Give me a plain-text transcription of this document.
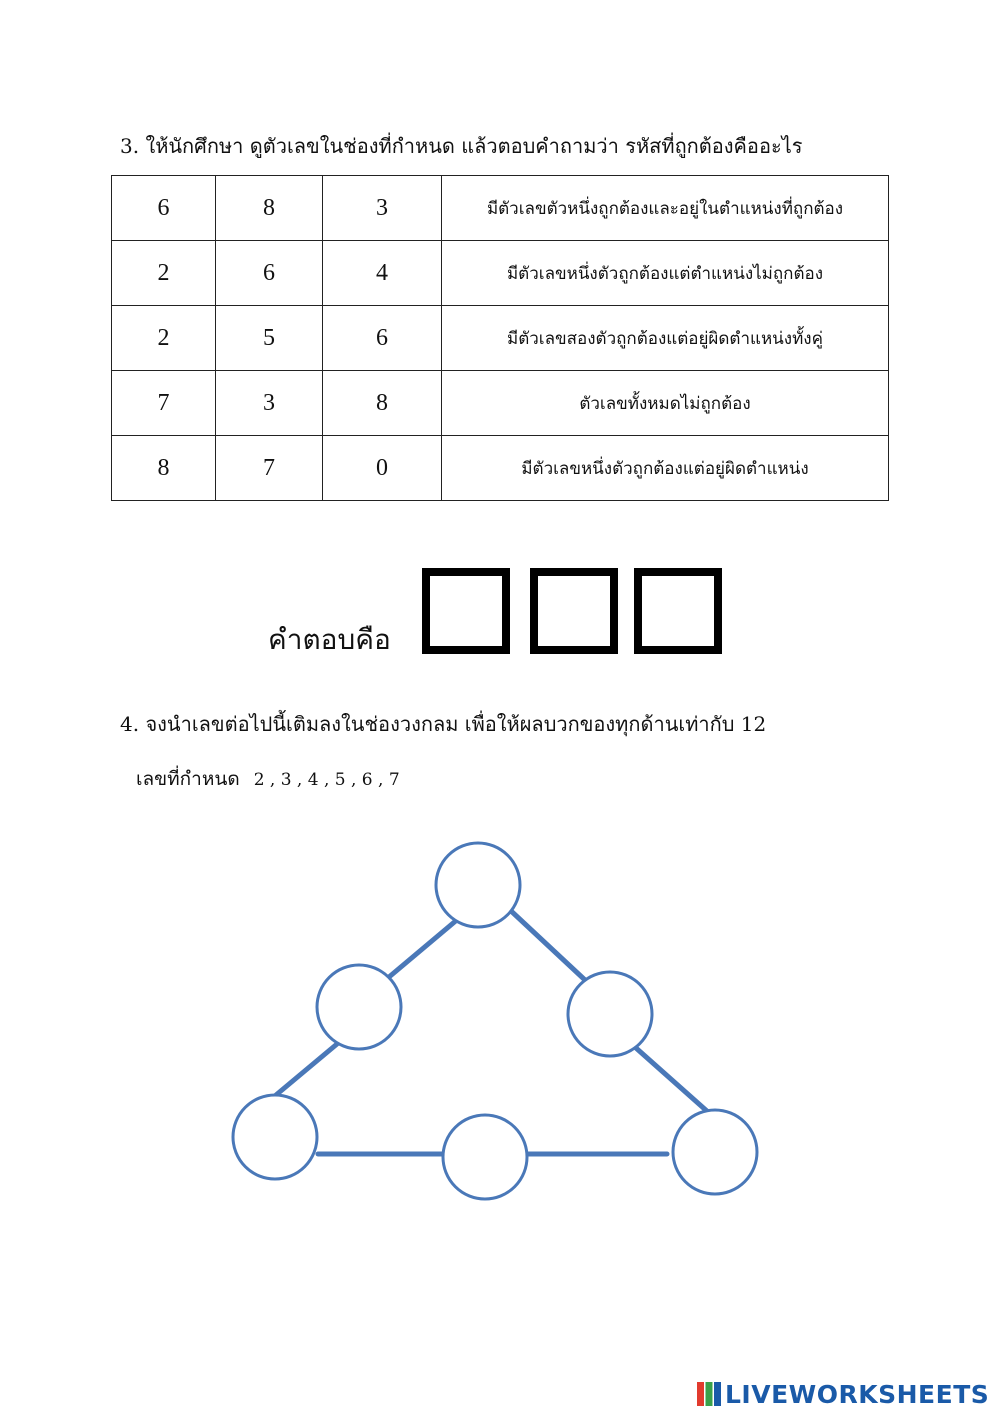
3. ให้นักศึกษา ดูตัวเลขในช่องที่กำหนด แล้วตอบคำถามว่า รหัสที่ถูกต้องคืออะไร
6	8	3	มีตัวเลขตัวหนึ่งถูกต้องและอยู่ในตำแหน่งที่ถูกต้อง
2	6	4	มีตัวเลขหนึ่งตัวถูกต้องแต่ตำแหน่งไม่ถูกต้อง
2	5	6	มีตัวเลขสองตัวถูกต้องแต่อยู่ผิดตำแหน่งทั้งคู่
7	3	8	ตัวเลขทั้งหมดไม่ถูกต้อง
8	7	0	มีตัวเลขหนึ่งตัวถูกต้องแต่อยู่ผิดตำแหน่ง
คำตอบคือ
4. จงนำเลขต่อไปนี้เติมลงในช่องวงกลม เพื่อให้ผลบวกของทุกด้านเท่ากับ 12
เลขที่กำหนด 2 , 3 , 4 , 5 , 6 , 7
LIVEWORKSHEETS
